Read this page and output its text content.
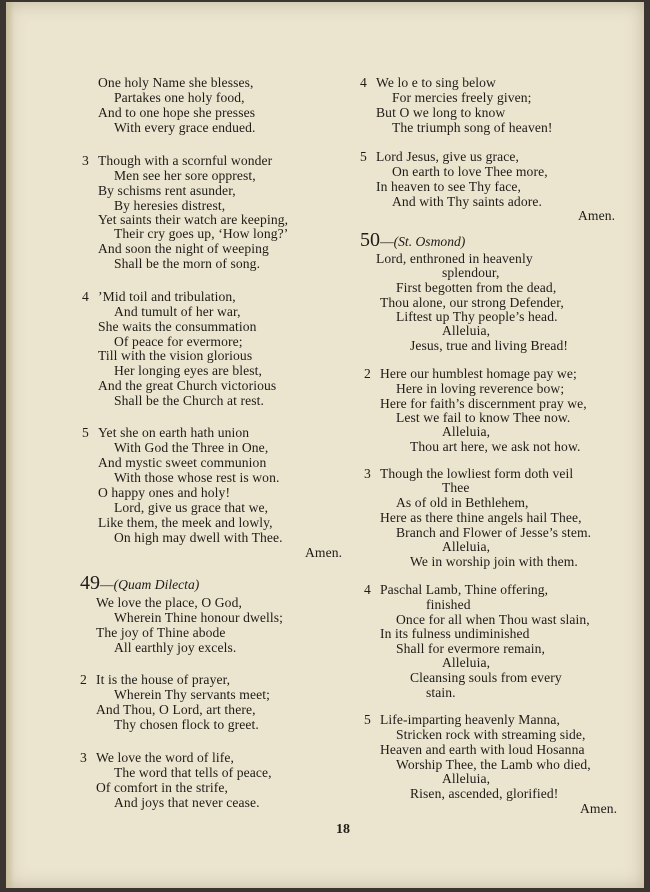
One holy Name she blesses,
Partakes one holy food,
And to one hope she presses
With every grace endued.
3 Though with a scornful wonder
Men see her sore opprest,
By schisms rent asunder,
By heresies distrest,
Yet saints their watch are keeping,
Their cry goes up, ‘How long?’
And soon the night of weeping
Shall be the morn of song.
4 ’Mid toil and tribulation,
And tumult of her war,
She waits the consummation
Of peace for evermore;
Till with the vision glorious
Her longing eyes are blest,
And the great Church victorious
Shall be the Church at rest.
5 Yet she on earth hath union
With God the Three in One,
And mystic sweet communion
With those whose rest is won.
O happy ones and holy!
Lord, give us grace that we,
Like them, the meek and lowly,
On high may dwell with Thee.
Amen.
49—(Quam Dilecta)
We love the place, O God,
Wherein Thine honour dwells;
The joy of Thine abode
All earthly joy excels.
2 It is the house of prayer,
Wherein Thy servants meet;
And Thou, O Lord, art there,
Thy chosen flock to greet.
3 We love the word of life,
The word that tells of peace,
Of comfort in the strife,
And joys that never cease.
4 We lo e to sing below
For mercies freely given;
But O we long to know
The triumph song of heaven!
5 Lord Jesus, give us grace,
On earth to love Thee more,
In heaven to see Thy face,
And with Thy saints adore.
Amen.
50—(St. Osmond)
Lord, enthroned in heavenly
splendour,
First begotten from the dead,
Thou alone, our strong Defender,
Liftest up Thy people’s head.
Alleluia,
Jesus, true and living Bread!
2 Here our humblest homage pay we;
Here in loving reverence bow;
Here for faith’s discernment pray we,
Lest we fail to know Thee now.
Alleluia,
Thou art here, we ask not how.
3 Though the lowliest form doth veil
Thee
As of old in Bethlehem,
Here as there thine angels hail Thee,
Branch and Flower of Jesse’s stem.
Alleluia,
We in worship join with them.
4 Paschal Lamb, Thine offering,
finished
Once for all when Thou wast slain,
In its fulness undiminished
Shall for evermore remain,
Alleluia,
Cleansing souls from every
stain.
5 Life-imparting heavenly Manna,
Stricken rock with streaming side,
Heaven and earth with loud Hosanna
Worship Thee, the Lamb who died,
Alleluia,
Risen, ascended, glorified!
Amen.
18
